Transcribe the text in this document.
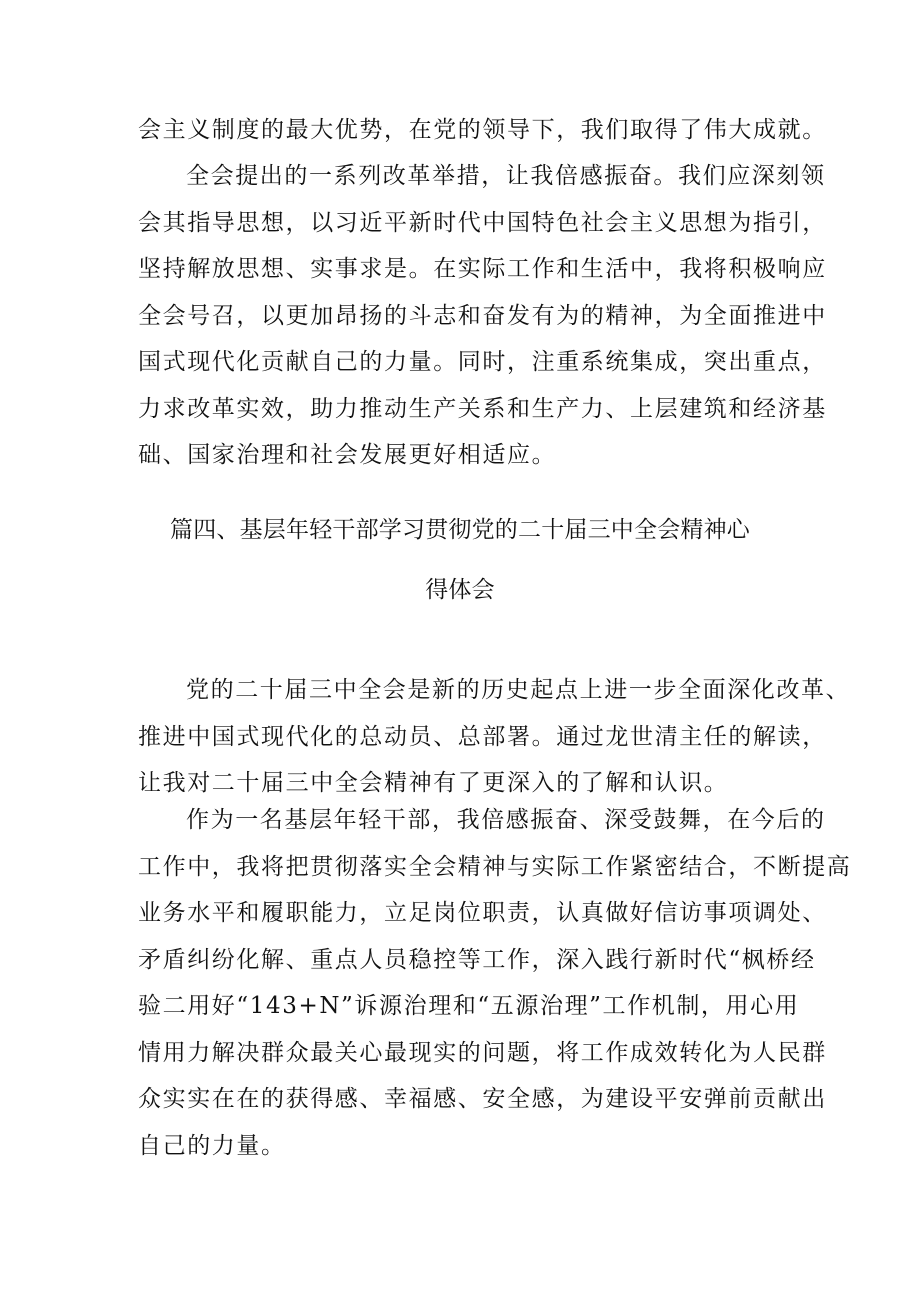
会主义制度的最大优势，在党的领导下，我们取得了伟大成就。
全会提出的一系列改革举措，让我倍感振奋。我们应深刻领
会其指导思想，以习近平新时代中国特色社会主义思想为指引，
坚持解放思想、实事求是。在实际工作和生活中，我将积极响应
全会号召，以更加昂扬的斗志和奋发有为的精神，为全面推进中
国式现代化贡献自己的力量。同时，注重系统集成，突出重点，
力求改革实效，助力推动生产关系和生产力、上层建筑和经济基
础、国家治理和社会发展更好相适应。
篇四、基层年轻干部学习贯彻党的二十届三中全会精神心
得体会
党的二十届三中全会是新的历史起点上进一步全面深化改革、
推进中国式现代化的总动员、总部署。通过龙世清主任的解读，
让我对二十届三中全会精神有了更深入的了解和认识。
作为一名基层年轻干部，我倍感振奋、深受鼓舞，在今后的
工作中，我将把贯彻落实全会精神与实际工作紧密结合，不断提高
业务水平和履职能力，立足岗位职责，认真做好信访事项调处、
矛盾纠纷化解、重点人员稳控等工作，深入践行新时代“枫桥经
验二用好“143+N”诉源治理和“五源治理”工作机制，用心用
情用力解决群众最关心最现实的问题，将工作成效转化为人民群
众实实在在的获得感、幸福感、安全感，为建设平安弹前贡献出
自己的力量。
